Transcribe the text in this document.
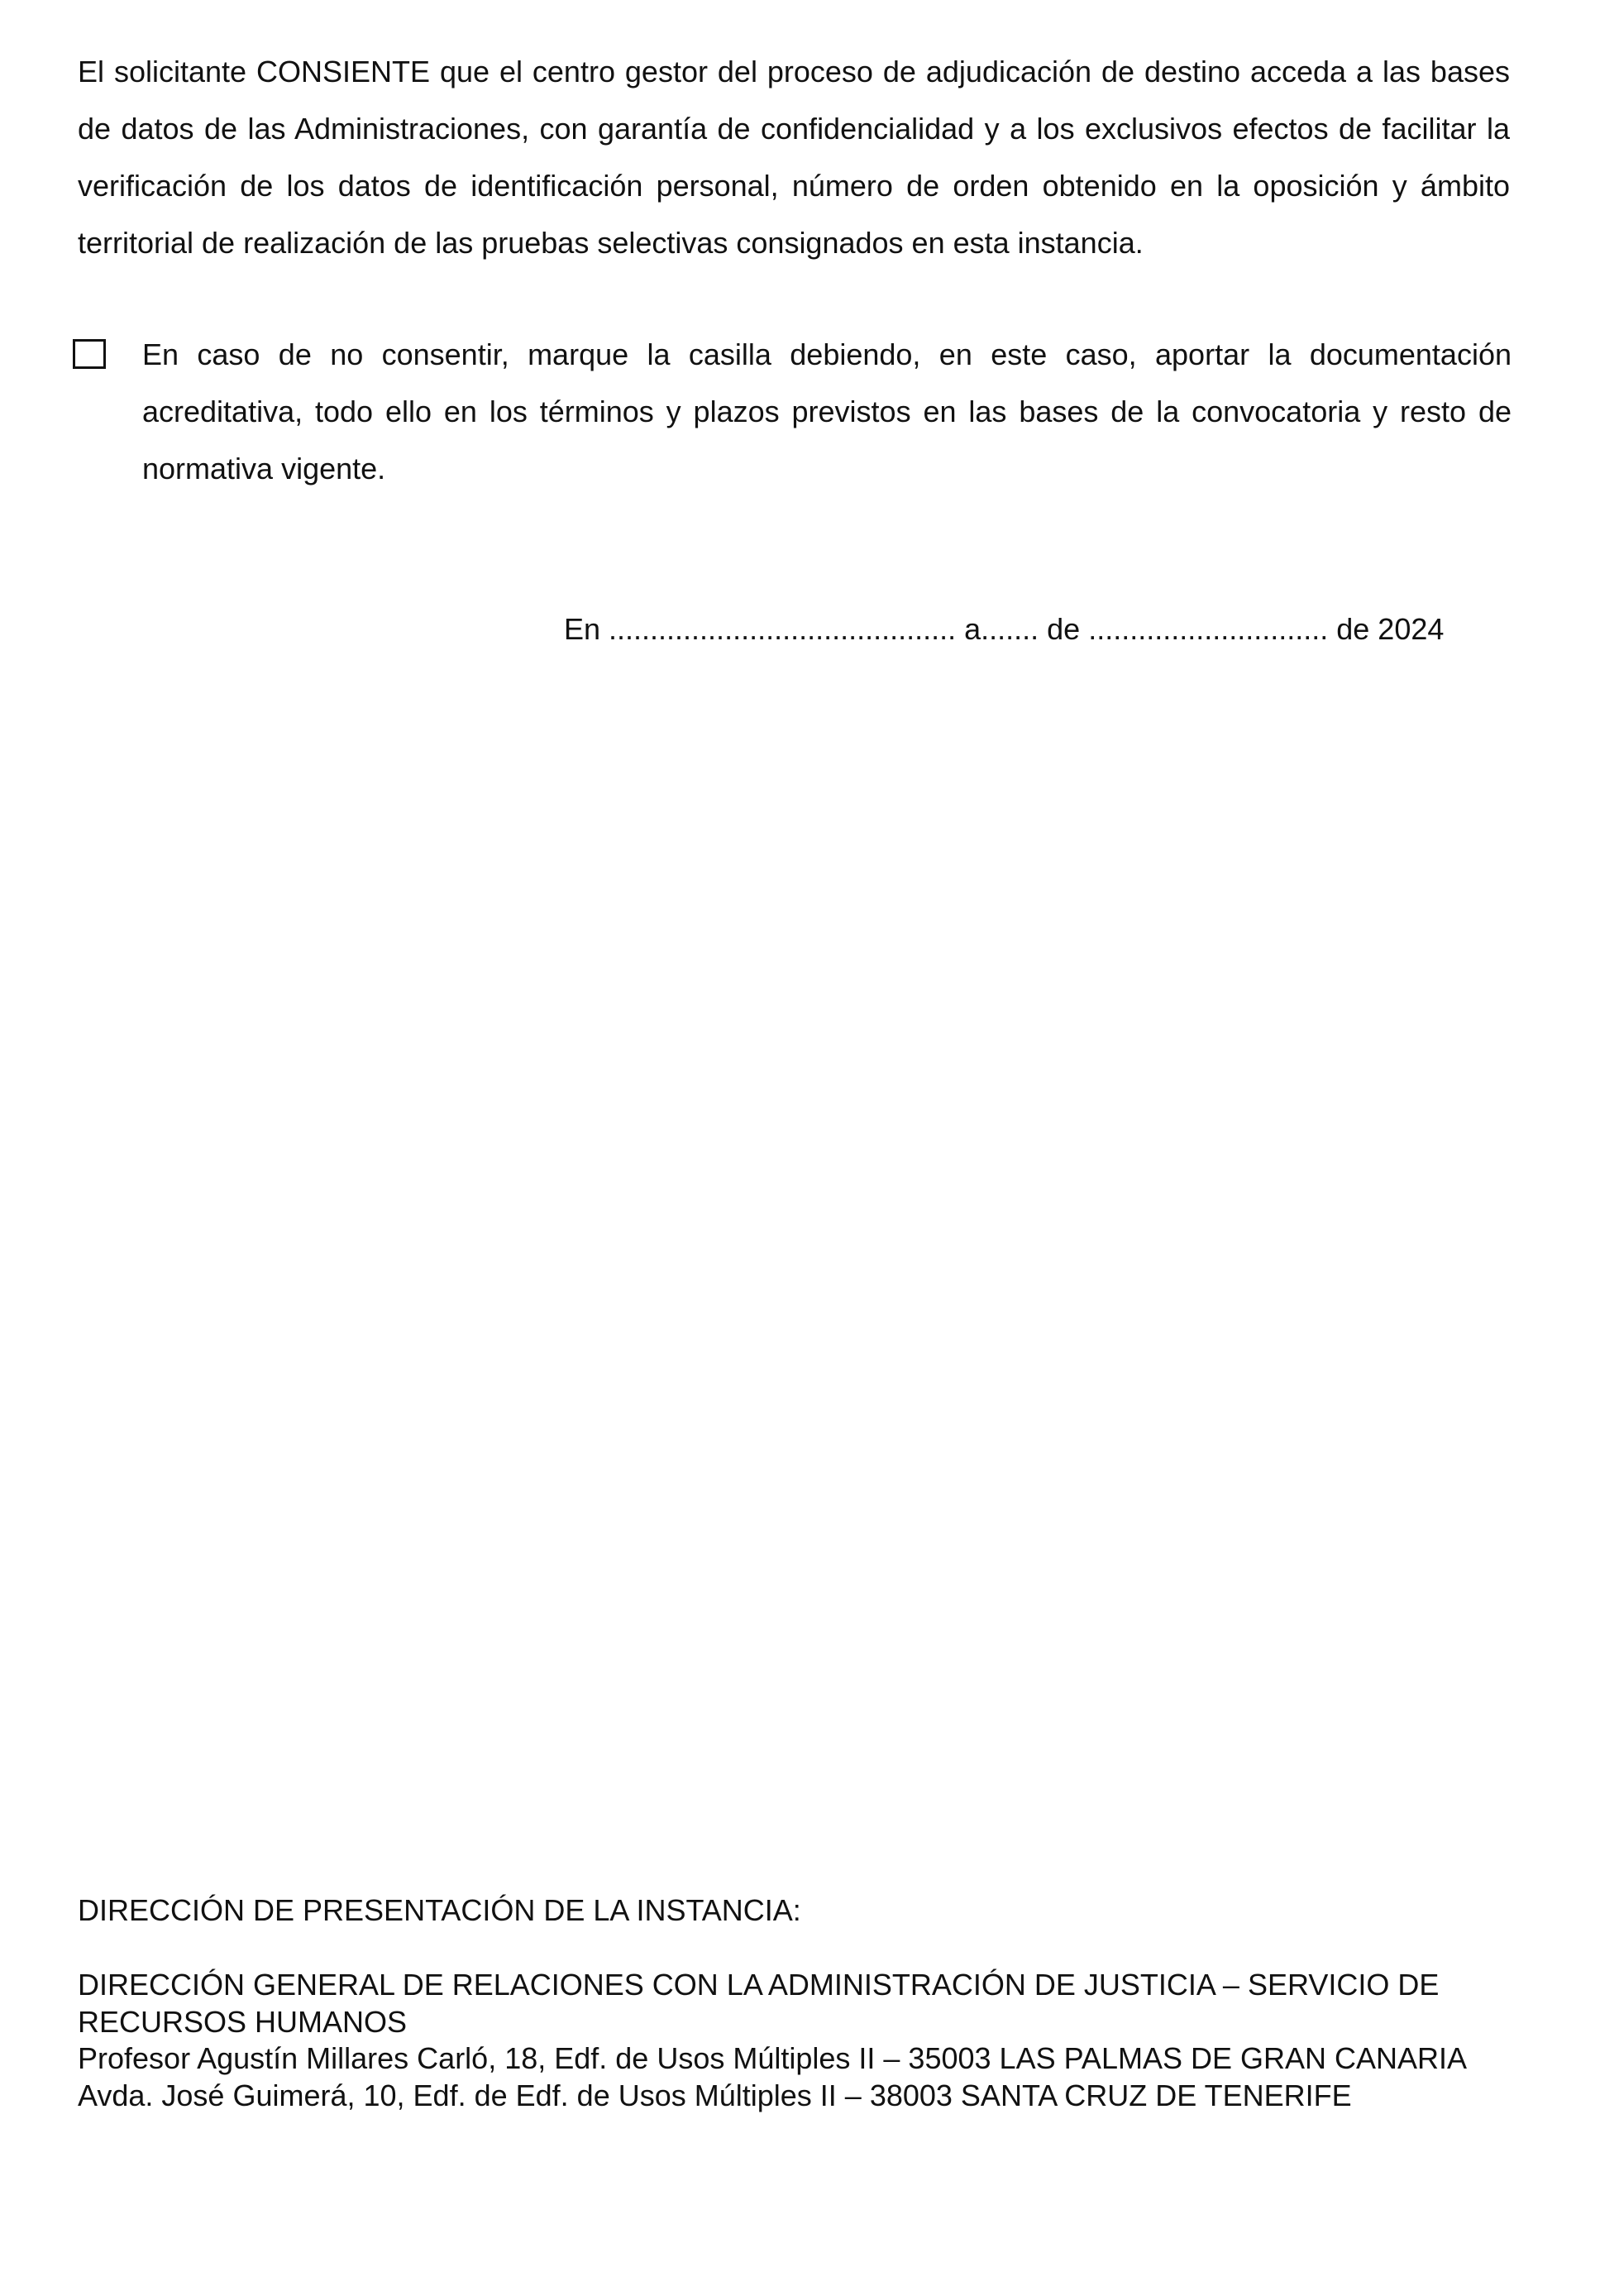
El solicitante CONSIENTE que el centro gestor del proceso de adjudicación de destino acceda a las bases de datos de las Administraciones, con garantía de confidencialidad y a los exclusivos efectos de facilitar la verificación de los datos de identificación personal, número de orden obtenido en la oposición y ámbito territorial de realización de las pruebas selectivas consignados en esta instancia.

En caso de no consentir, marque la casilla debiendo, en este caso, aportar la documentación acreditativa, todo ello en los términos y plazos previstos en las bases de la convocatoria y resto de normativa vigente.

En .......................................... a....... de ............................. de 2024

DIRECCIÓN DE PRESENTACIÓN DE LA INSTANCIA:

DIRECCIÓN GENERAL DE RELACIONES CON LA ADMINISTRACIÓN DE JUSTICIA – SERVICIO DE RECURSOS HUMANOS
Profesor Agustín Millares Carló, 18, Edf. de Usos Múltiples II – 35003 LAS PALMAS DE GRAN CANARIA
Avda. José Guimerá, 10, Edf. de Edf. de Usos Múltiples II – 38003 SANTA CRUZ DE TENERIFE
